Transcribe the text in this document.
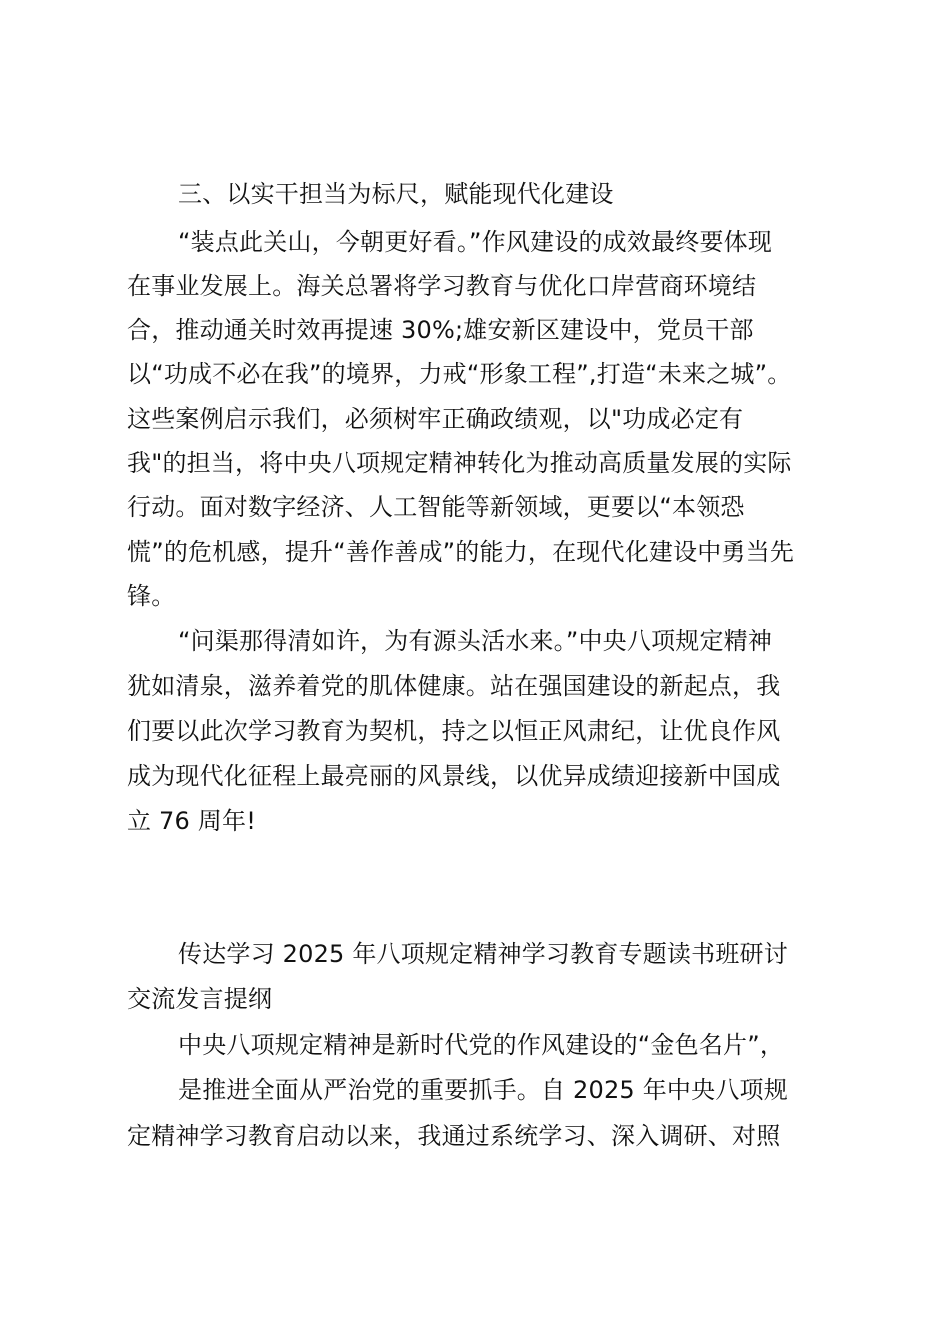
三、以实干担当为标尺，赋能现代化建设
“装点此关山，今朝更好看。”作风建设的成效最终要体现
在事业发展上。海关总署将学习教育与优化口岸营商环境结
合，推动通关时效再提速 30%;雄安新区建设中，党员干部
以“功成不必在我”的境界，力戒“形象工程”,打造“未来之城”。
这些案例启示我们，必须树牢正确政绩观，以"功成必定有
我"的担当，将中央八项规定精神转化为推动高质量发展的实际
行动。面对数字经济、人工智能等新领域，更要以“本领恐
慌”的危机感，提升“善作善成”的能力，在现代化建设中勇当先
锋。
“问渠那得清如许，为有源头活水来。”中央八项规定精神
犹如清泉，滋养着党的肌体健康。站在强国建设的新起点，我
们要以此次学习教育为契机，持之以恒正风肃纪，让优良作风
成为现代化征程上最亮丽的风景线，以优异成绩迎接新中国成
立 76 周年!
传达学习 2025 年八项规定精神学习教育专题读书班研讨
交流发言提纲
中央八项规定精神是新时代党的作风建设的“金色名片”，
是推进全面从严治党的重要抓手。自 2025 年中央八项规
定精神学习教育启动以来，我通过系统学习、深入调研、对照
